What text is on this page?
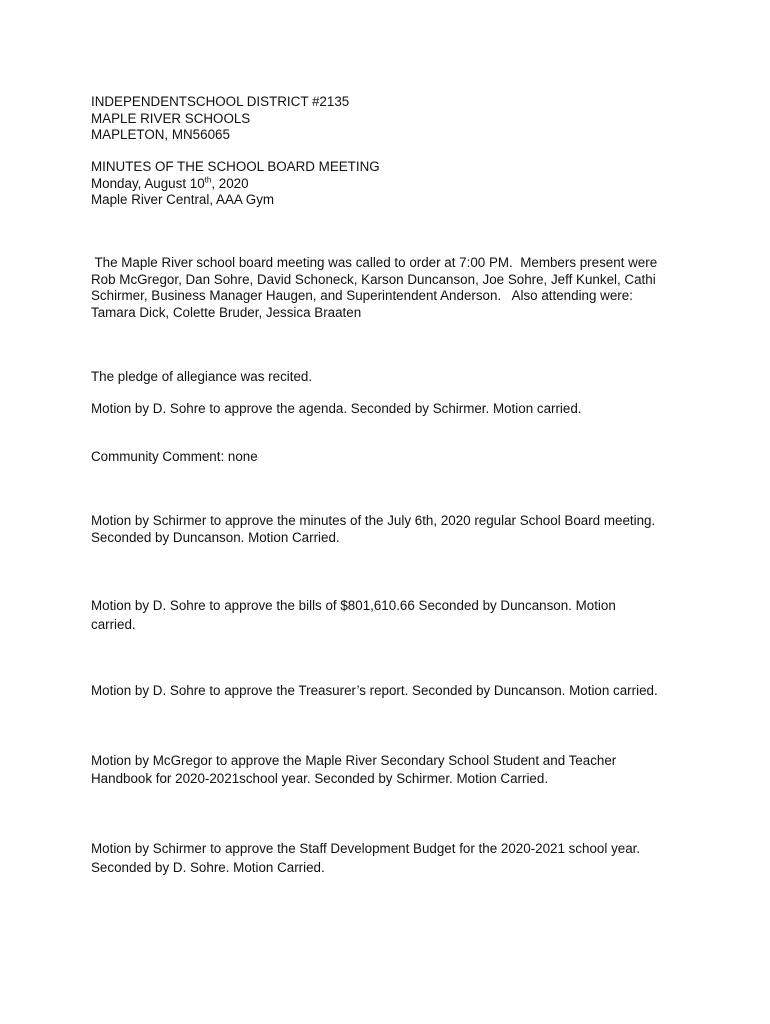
INDEPENDENTSCHOOL DISTRICT #2135
MAPLE RIVER SCHOOLS
MAPLETON, MN56065
MINUTES OF THE SCHOOL BOARD MEETING
Monday, August 10th, 2020
Maple River Central, AAA Gym
The Maple River school board meeting was called to order at 7:00 PM.  Members present were
Rob McGregor, Dan Sohre, David Schoneck, Karson Duncanson, Joe Sohre, Jeff Kunkel, Cathi
Schirmer, Business Manager Haugen, and Superintendent Anderson.   Also attending were:
Tamara Dick, Colette Bruder, Jessica Braaten
The pledge of allegiance was recited.
Motion by D. Sohre to approve the agenda. Seconded by Schirmer. Motion carried.
Community Comment: none
Motion by Schirmer to approve the minutes of the July 6th, 2020 regular School Board meeting.
Seconded by Duncanson. Motion Carried.
Motion by D. Sohre to approve the bills of $801,610.66 Seconded by Duncanson. Motion
carried.
Motion by D. Sohre to approve the Treasurer’s report. Seconded by Duncanson. Motion carried.
Motion by McGregor to approve the Maple River Secondary School Student and Teacher
Handbook for 2020-2021school year. Seconded by Schirmer. Motion Carried.
Motion by Schirmer to approve the Staff Development Budget for the 2020-2021 school year.
Seconded by D. Sohre. Motion Carried.
